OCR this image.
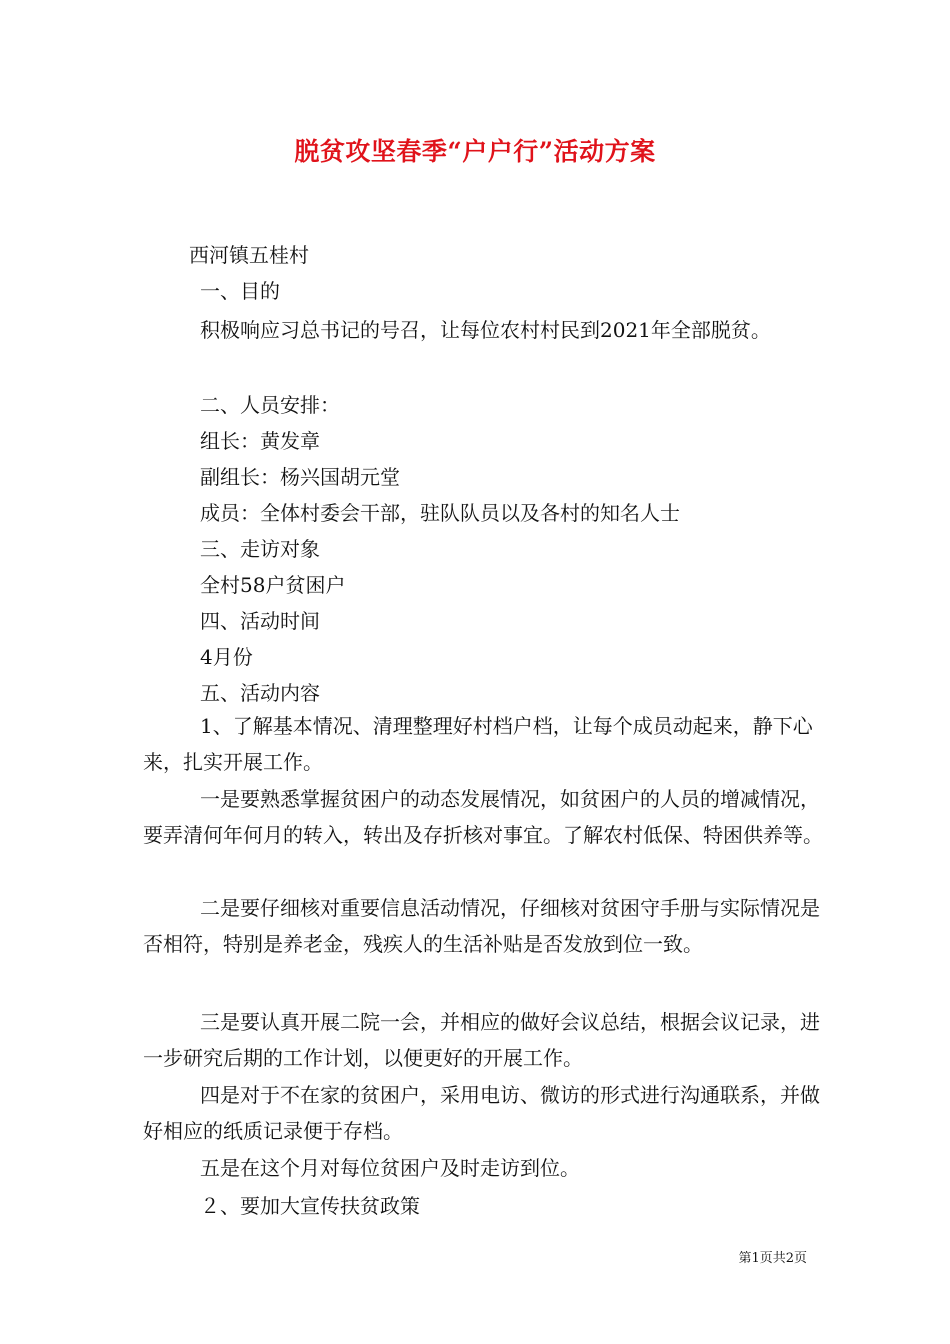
脱贫攻坚春季“户户行”活动方案
西河镇五桂村
一、目的
积极响应习总书记的号召，让每位农村村民到2021年全部脱贫。
二、人员安排：
组长：黄发章
副组长：杨兴国胡元堂
成员：全体村委会干部，驻队队员以及各村的知名人士
三、走访对象
全村58户贫困户
四、活动时间
4月份
五、活动内容
1、了解基本情况、清理整理好村档户档，让每个成员动起来，静下心来，扎实开展工作。
一是要熟悉掌握贫困户的动态发展情况，如贫困户的人员的增减情况，要弄清何年何月的转入，转出及存折核对事宜。了解农村低保、特困供养等。
二是要仔细核对重要信息活动情况，仔细核对贫困守手册与实际情况是否相符，特别是养老金，残疾人的生活补贴是否发放到位一致。
三是要认真开展二院一会，并相应的做好会议总结，根据会议记录，进一步研究后期的工作计划，以便更好的开展工作。
四是对于不在家的贫困户，采用电访、微访的形式进行沟通联系，并做好相应的纸质记录便于存档。
五是在这个月对每位贫困户及时走访到位。
２、要加大宣传扶贫政策
第1页共2页
